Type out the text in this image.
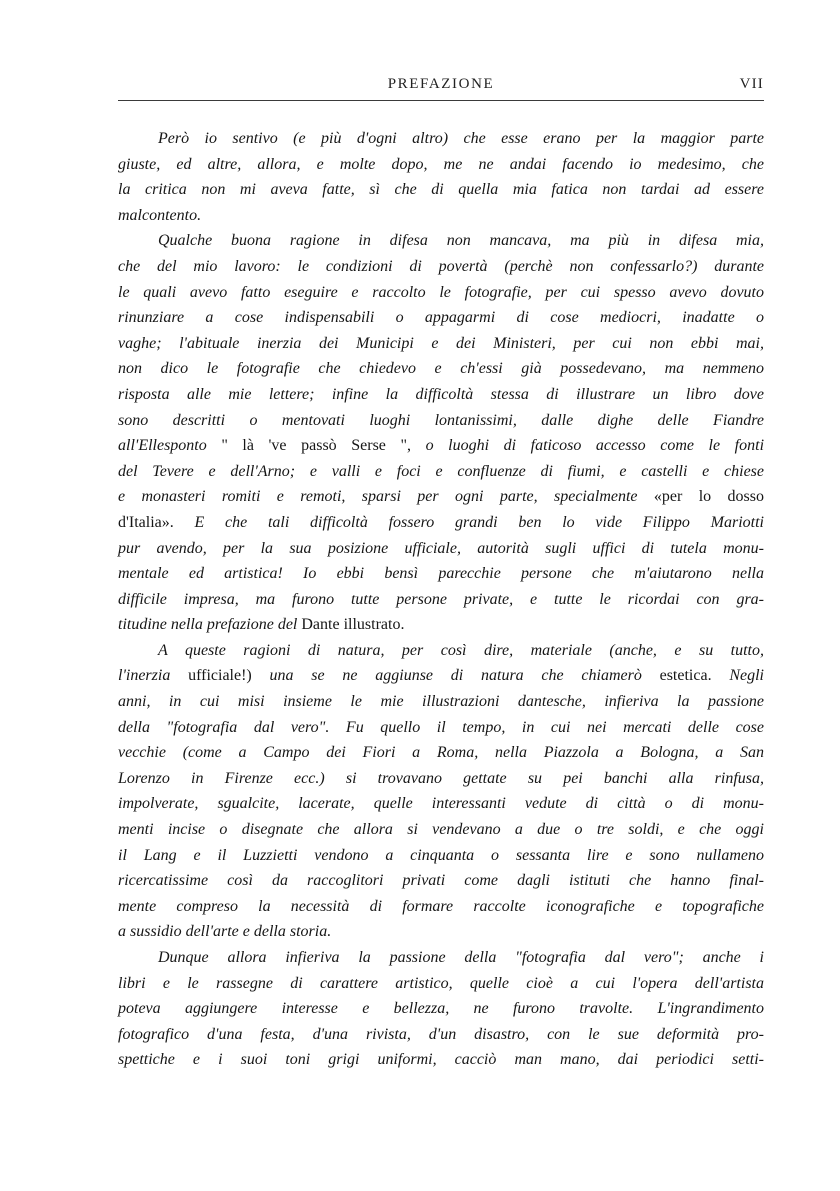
PREFAZIONE	VII
Però io sentivo (e più d'ogni altro) che esse erano per la maggior parte
giuste, ed altre, allora, e molte dopo, me ne andai facendo io medesimo, che
la critica non mi aveva fatte, sì che di quella mia fatica non tardai ad essere
malcontento.
Qualche buona ragione in difesa non mancava, ma più in difesa mia,
che del mio lavoro: le condizioni di povertà (perchè non confessarlo?) durante
le quali avevo fatto eseguire e raccolto le fotografie, per cui spesso avevo dovuto
rinunziare a cose indispensabili o appagarmi di cose mediocri, inadatte o
vaghe; l'abituale inerzia dei Municipi e dei Ministeri, per cui non ebbi mai,
non dico le fotografie che chiedevo e ch'essi già possedevano, ma nemmeno
risposta alle mie lettere; infine la difficoltà stessa di illustrare un libro dove
sono descritti o mentovati luoghi lontanissimi, dalle dighe delle Fiandre
all'Ellesponto " là 've passò Serse ", o luoghi di faticoso accesso come le fonti
del Tevere e dell'Arno; e valli e foci e confluenze di fiumi, e castelli e chiese
e monasteri romiti e remoti, sparsi per ogni parte, specialmente «per lo dosso
d'Italia». E che tali difficoltà fossero grandi ben lo vide Filippo Mariotti
pur avendo, per la sua posizione ufficiale, autorità sugli uffici di tutela monu-
mentale ed artistica! Io ebbi bensì parecchie persone che m'aiutarono nella
difficile impresa, ma furono tutte persone private, e tutte le ricordai con gra-
titudine nella prefazione del Dante illustrato.
A queste ragioni di natura, per così dire, materiale (anche, e su tutto,
l'inerzia ufficiale!) una se ne aggiunse di natura che chiamerò estetica. Negli
anni, in cui misi insieme le mie illustrazioni dantesche, infieriva la passione
della "fotografia dal vero". Fu quello il tempo, in cui nei mercati delle cose
vecchie (come a Campo dei Fiori a Roma, nella Piazzola a Bologna, a San
Lorenzo in Firenze ecc.) si trovavano gettate su pei banchi alla rinfusa,
impolverate, sgualcite, lacerate, quelle interessanti vedute di città o di monu-
menti incise o disegnate che allora si vendevano a due o tre soldi, e che oggi
il Lang e il Luzzietti vendono a cinquanta o sessanta lire e sono nullameno
ricercatissime così da raccoglitori privati come dagli istituti che hanno final-
mente compreso la necessità di formare raccolte iconografiche e topografiche
a sussidio dell'arte e della storia.
Dunque allora infieriva la passione della "fotografia dal vero"; anche i
libri e le rassegne di carattere artistico, quelle cioè a cui l'opera dell'artista
poteva aggiungere interesse e bellezza, ne furono travolte. L'ingrandimento
fotografico d'una festa, d'una rivista, d'un disastro, con le sue deformità pro-
spettiche e i suoi toni grigi uniformi, cacciò man mano, dai periodici setti-
